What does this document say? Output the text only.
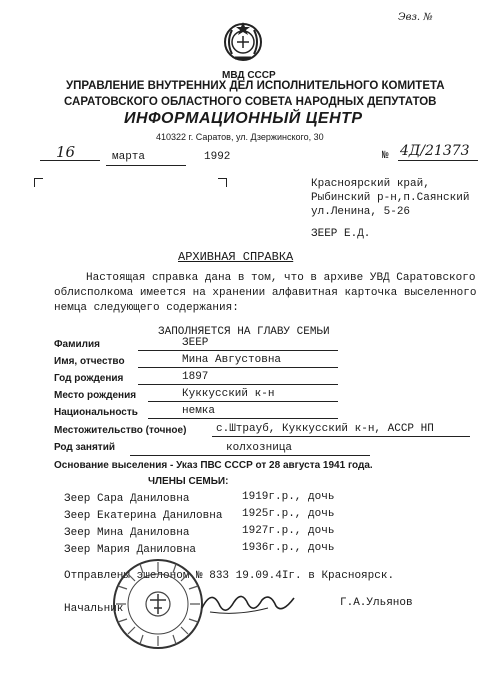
Эвз. №
МВД СССР
УПРАВЛЕНИЕ ВНУТРЕННИХ ДЕЛ ИСПОЛНИТЕЛЬНОГО КОМИТЕТА
САРАТОВСКОГО ОБЛАСТНОГО СОВЕТА НАРОДНЫХ ДЕПУТАТОВ
ИНФОРМАЦИОННЫЙ ЦЕНТР
410322 г. Саратов, ул. Дзержинского, 30
16	марта	1992	№ 4Д/21373
Красноярский край,
Рыбинский р-н,п.Саянский
ул.Ленина, 5-26
ЗЕЕР Е.Д.
АРХИВНАЯ СПРАВКА
Настоящая справка дана в том, что в архиве УВД Саратовского
облисполкома имеется на хранении алфавитная карточка выселенного
немца следующего содержания:
ЗАПОЛНЯЕТСЯ НА ГЛАВУ СЕМЬИ
Фамилия	ЗЕЕР
Имя, отчество	Мина Августовна
Год рождения	1897
Место рождения	Куккусский к-н
Национальность	немка
Местожительство (точное)	с.Штрауб, Куккусский к-н, АССР НП
Род занятий	колхозница
Основание выселения - Указ ПВС СССР от 28 августа 1941 года.
ЧЛЕНЫ СЕМЬИ:
Зеер Сара Даниловна	1919г.р., дочь
Зеер Екатерина Даниловна 1925г.р., дочь
Зеер Мина Даниловна	1927г.р., дочь
Зеер Мария Даниловна	1936г.р., дочь
Отправлены эшелоном № 833 19.09.4Iг. в Красноярск.
Начальник	Г.А.Ульянов
